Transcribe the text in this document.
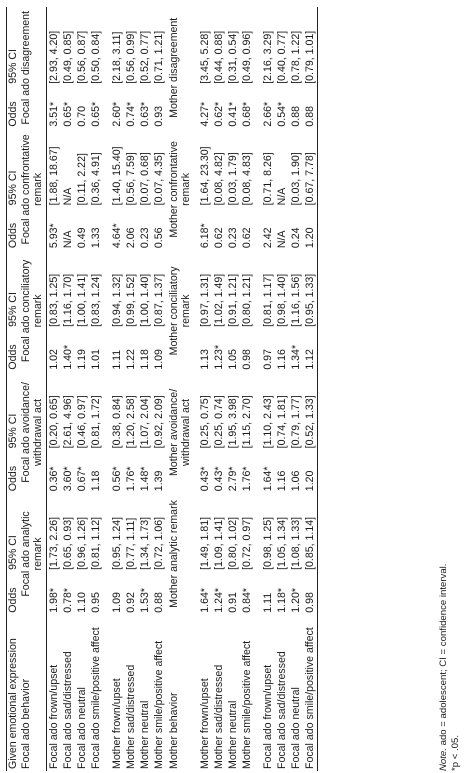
Given emotional expression	Odds	95% CI	Odds	95% CI	Odds	95% CI	Odds	95% CI	Odds	95% CI
Focal ado behavior	Focal ado analytic remark		Focal ado avoidance/ withdrawal act		Focal ado conciliatory remark		Focal ado confrontative remark		Focal ado disagreement	
Focal ado frown/upset	1.98*	[1.73, 2.26]	0.36*	[0.20, 0.65]	1.02	[0.83, 1.25]	5.93*	[1.88, 18.67]	3.51*	[2.93, 4.20]
Focal ado sad/distressed	0.78*	[0.65, 0.93]	3.60*	[2.61, 4.96]	1.40*	[1.16, 1.70]	N/A	N/A	0.65*	[0.49, 0.85]
Focal ado neutral	1.10	[0.96, 1.26]	0.67*	[0.46, 0.97]	1.19	[1.00, 1.41]	0.49	[0.11, 2.22]	0.70	[0.56, 0.87]
Focal ado smile/positive affect	0.95	[0.81, 1.12]	1.18	[0.81, 1.72]	1.01	[0.83, 1.24]	1.33	[0.36, 4.91]	0.65*	[0.50, 0.84]
Mother frown/upset	1.09	[0.95, 1.24]	0.56*	[0.38, 0.84]	1.11	[0.94, 1.32]	4.64*	[1.40, 15.40]	2.60*	[2.18, 3.11]
Mother sad/distressed	0.92	[0.77, 1.11]	1.76*	[1.20, 2.58]	1.22	[0.99, 1.52]	2.06	[0.56, 7.59]	0.74*	[0.56, 0.99]
Mother neutral	1.53*	[1.34, 1.73]	1.48*	[1.07, 2.04]	1.18	[1.00, 1.40]	0.23	[0.07, 0.68]	0.63*	[0.52, 0.77]
Mother smile/positive affect	0.88	[0.72, 1.06]	1.39	[0.92, 2.09]	1.09	[0.87, 1.37]	0.56	[0.07, 4.35]	0.93	[0.71, 1.21]
Mother behavior	Mother analytic remark		Mother avoidance/ withdrawal act		Mother conciliatory remark		Mother confrontative remark		Mother disagreement	
Mother frown/upset	1.64*	[1.49, 1.81]	0.43*	[0.25, 0.75]	1.13	[0.97, 1.31]	6.18*	[1.64, 23.30]	4.27*	[3.45, 5.28]
Mother sad/distressed	1.24*	[1.09, 1.41]	0.43*	[0.25, 0.74]	1.23*	[1.02, 1.49]	0.62	[0.08, 4.82]	0.62*	[0.44, 0.88]
Mother neutral	0.91	[0.80, 1.02]	2.79*	[1.95, 3.98]	1.05	[0.91, 1.21]	0.23	[0.03, 1.79]	0.41*	[0.31, 0.54]
Mother smile/positive affect	0.84*	[0.72, 0.97]	1.76*	[1.15, 2.70]	0.98	[0.80, 1.21]	0.62	[0.08, 4.83]	0.68*	[0.49, 0.96]
Focal ado frown/upset	1.11	[0.98, 1.25]	1.64*	[1.10, 2.43]	0.97	[0.81, 1.17]	2.42	[0.71, 8.26]	2.66*	[2.16, 3.29]
Focal ado sad/distressed	1.18*	[1.05, 1.34]	1.16	[0.74, 1.81]	1.16	[0.98, 1.40]	N/A	N/A	0.54*	[0.40, 0.77]
Focal ado neutral	1.20*	[1.08, 1.33]	1.06	[0.79, 1.77]	1.34*	[1.16, 1.56]	0.24	[0.03, 1.90]	0.88	[0.78, 1.22]
Focal ado smile/positive affect	0.98	[0.85, 1.14]	1.20	[0.52, 1.33]	1.12	[0.95, 1.33]	1.20	[0.67, 7.78]	0.88	[0.79, 1.01]
Note. ado = adolescent; CI = confidence interval.
*p < .05.
